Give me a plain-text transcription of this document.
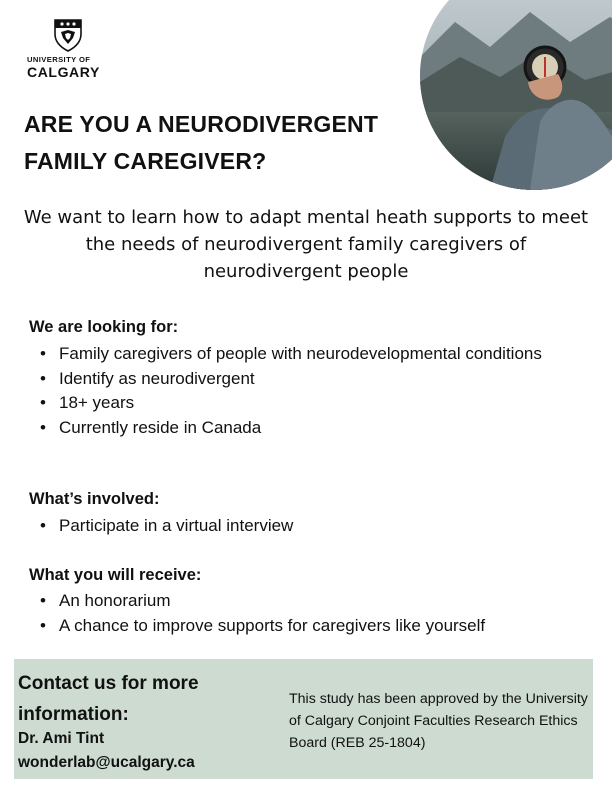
UNIVERSITY OF
CALGARY
ARE YOU A NEURODIVERGENT
FAMILY CAREGIVER?

We want to learn how to adapt mental heath supports to meet the needs of neurodivergent family caregivers of neurodivergent people

We are looking for:
• Family caregivers of people with neurodevelopmental conditions
• Identify as neurodivergent
• 18+ years
• Currently reside in Canada
What’s involved:
• Participate in a virtual interview
What you will receive:
• An honorarium
• A chance to improve supports for caregivers like yourself
Contact us for more information:
Dr. Ami Tint
wonderlab@ucalgary.ca
This study has been approved by the University of Calgary Conjoint Faculties Research Ethics Board (REB 25-1804)
